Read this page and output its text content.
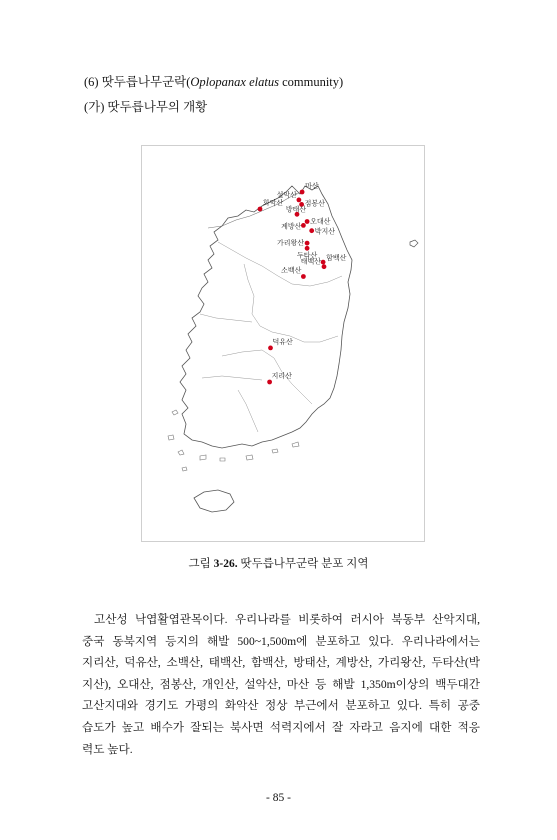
(6) 땃두릅나무군락(Oplopanax elatus community)
(가) 땃두릅나무의 개황
마산
설악산
점봉산
화악산
방태산
오대산
계방산
박지산
가리왕산
두타산 함백산
태백산
소백산
덕유산
지리산
그림 3-26. 땃두릅나무군락 분포 지역
고산성 낙엽활엽관목이다. 우리나라를 비롯하여 러시아 북동부 산악지대,
중국 동북지역 등지의 해발 500~1,500m에 분포하고 있다. 우리나라에서는
지리산, 덕유산, 소백산, 태백산, 함백산, 방태산, 계방산, 가리왕산, 두타산(박
지산), 오대산, 점봉산, 개인산, 설악산, 마산 등 해발 1,350m이상의 백두대간
고산지대와 경기도 가평의 화악산 정상 부근에서 분포하고 있다. 특히 공중
습도가 높고 배수가 잘되는 북사면 석력지에서 잘 자라고 음지에 대한 적응
력도 높다.
- 85 -
